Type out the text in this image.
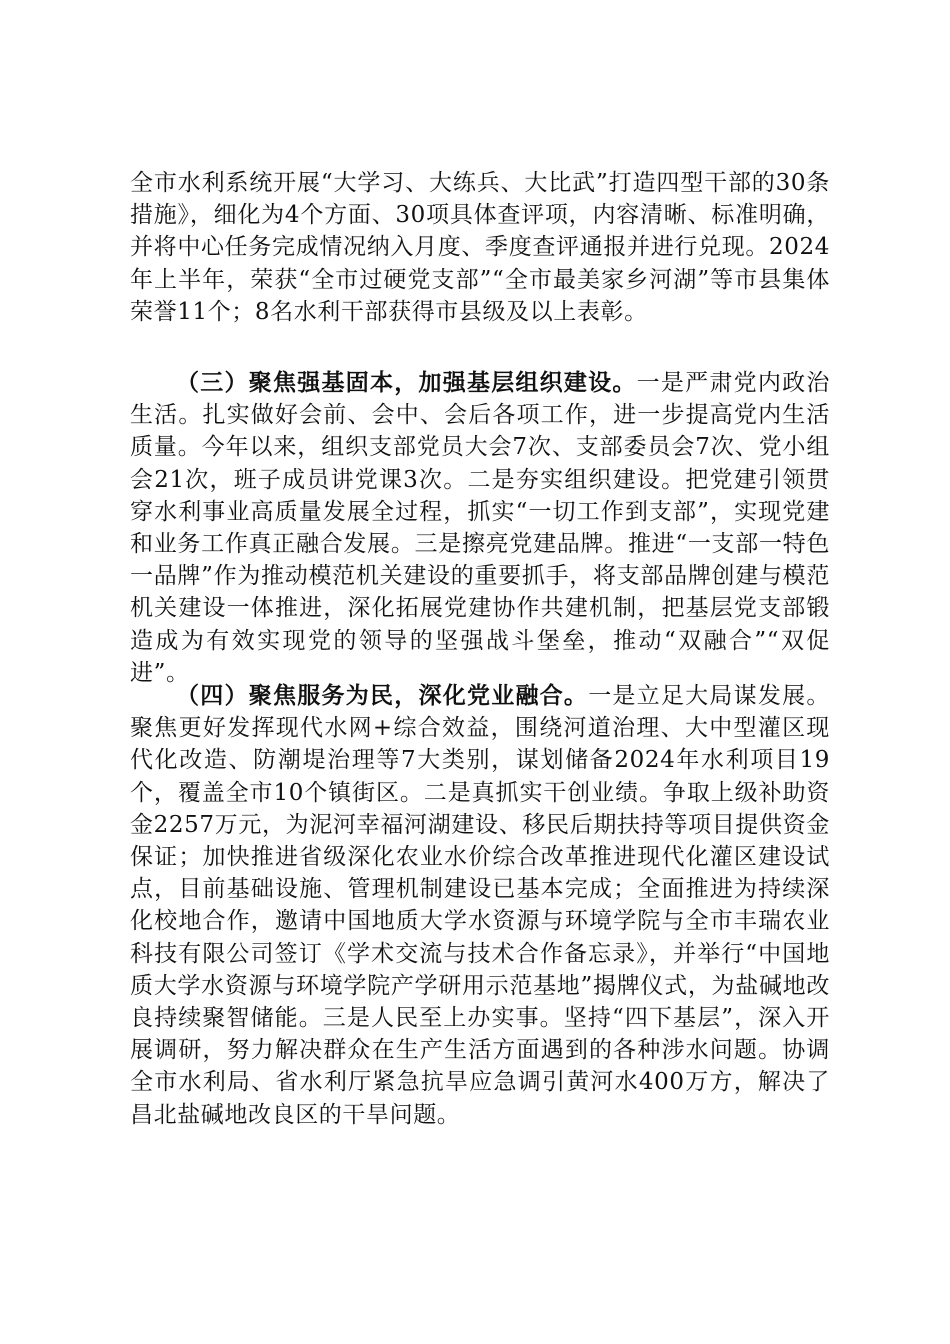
全市水利系统开展“大学习、大练兵、大比武”打造四型干部的30条措施》，细化为4个方面、30项具体查评项，内容清晰、标准明确，并将中心任务完成情况纳入月度、季度查评通报并进行兑现。2024年上半年，荣获“全市过硬党支部”“全市最美家乡河湖”等市县集体荣誉11个；8名水利干部获得市县级及以上表彰。

（三）聚焦强基固本，加强基层组织建设。一是严肃党内政治生活。扎实做好会前、会中、会后各项工作，进一步提高党内生活质量。今年以来，组织支部党员大会7次、支部委员会7次、党小组会21次，班子成员讲党课3次。二是夯实组织建设。把党建引领贯穿水利事业高质量发展全过程，抓实“一切工作到支部”，实现党建和业务工作真正融合发展。三是擦亮党建品牌。推进“一支部一特色一品牌”作为推动模范机关建设的重要抓手，将支部品牌创建与模范机关建设一体推进，深化拓展党建协作共建机制，把基层党支部锻造成为有效实现党的领导的坚强战斗堡垒，推动“双融合”“双促进”。

（四）聚焦服务为民，深化党业融合。一是立足大局谋发展。聚焦更好发挥现代水网+综合效益，围绕河道治理、大中型灌区现代化改造、防潮堤治理等7大类别，谋划储备2024年水利项目19个，覆盖全市10个镇街区。二是真抓实干创业绩。争取上级补助资金2257万元，为泥河幸福河湖建设、移民后期扶持等项目提供资金保证；加快推进省级深化农业水价综合改革推进现代化灌区建设试点，目前基础设施、管理机制建设已基本完成；全面推进为持续深化校地合作，邀请中国地质大学水资源与环境学院与全市丰瑞农业科技有限公司签订《学术交流与技术合作备忘录》，并举行“中国地质大学水资源与环境学院产学研用示范基地”揭牌仪式，为盐碱地改良持续聚智储能。三是人民至上办实事。坚持“四下基层”，深入开展调研，努力解决群众在生产生活方面遇到的各种涉水问题。协调全市水利局、省水利厅紧急抗旱应急调引黄河水400万方，解决了昌北盐碱地改良区的干旱问题。
